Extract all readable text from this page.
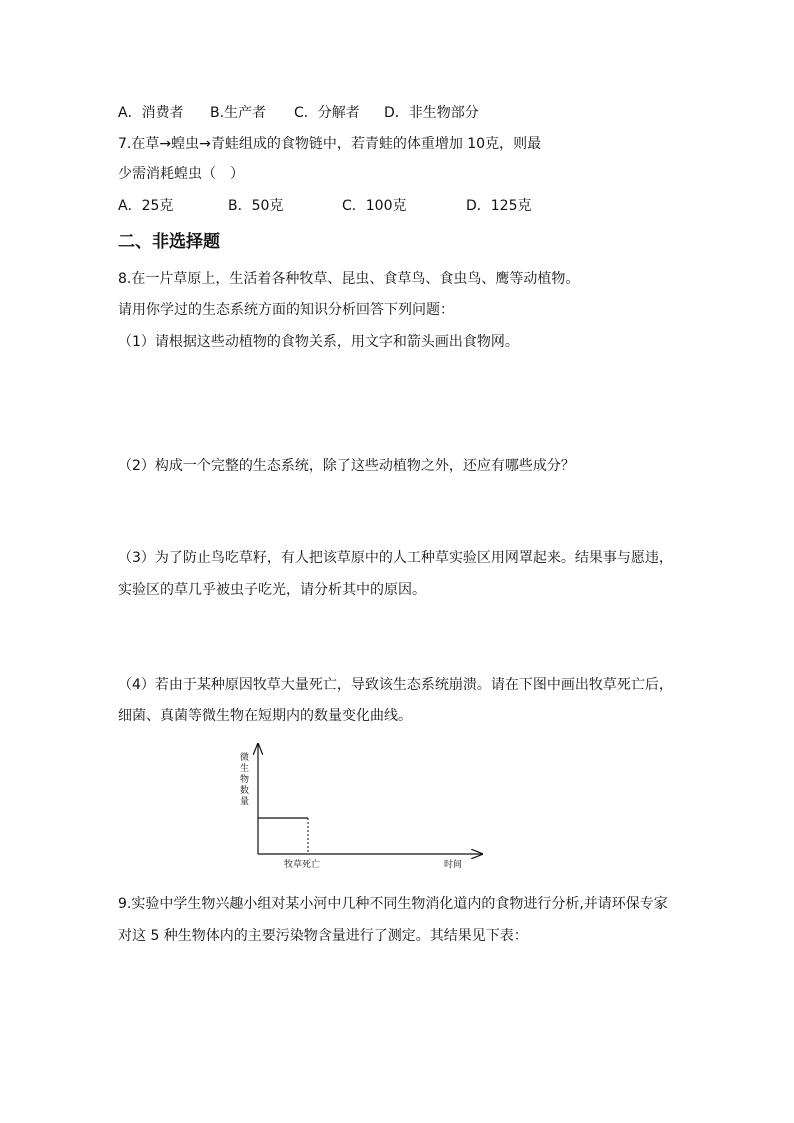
A．消费者 B.生产者 C．分解者 D．非生物部分
7.在草→蝗虫→青蛙组成的食物链中，若青蛙的体重增加 10克，则最
少需消耗蝗虫（　）
A．25克	B．50克	C．100克	D．125克
二、非选择题
8.在一片草原上，生活着各种牧草、昆虫、食草鸟、食虫鸟、鹰等动植物。
请用你学过的生态系统方面的知识分析回答下列问题：
（1）请根据这些动植物的食物关系，用文字和箭头画出食物网。
（2）构成一个完整的生态系统，除了这些动植物之外，还应有哪些成分？
（3）为了防止鸟吃草籽，有人把该草原中的人工种草实验区用网罩起来。结果事与愿违，
实验区的草几乎被虫子吃光，请分析其中的原因。
（4）若由于某种原因牧草大量死亡，导致该生态系统崩溃。请在下图中画出牧草死亡后，
细菌、真菌等微生物在短期内的数量变化曲线。
微
生
物
数
量
牧草死亡	时间
9.实验中学生物兴趣小组对某小河中几种不同生物消化道内的食物进行分析,并请环保专家
对这 5 种生物体内的主要污染物含量进行了测定。其结果见下表：
